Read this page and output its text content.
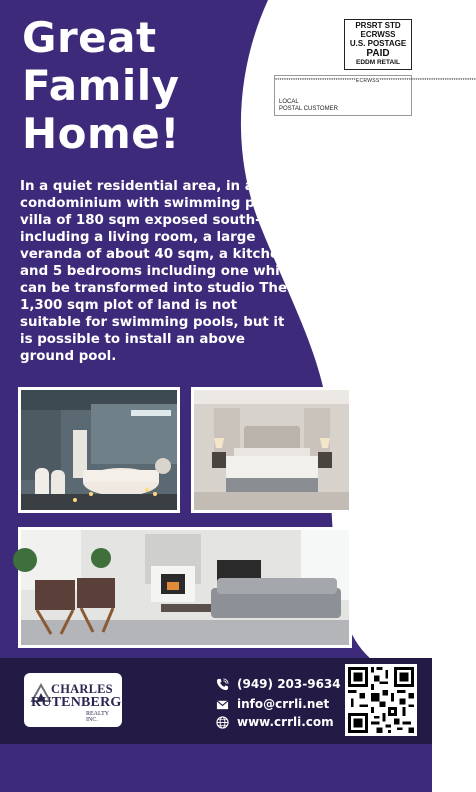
Great
Family
Home!
In a quiet residential area, in a condominium with swimming pool, villa of 180 sqm exposed south-west including a living room, a large veranda of about 40 sqm, a kitchen and 5 bedrooms including one which can be transformed into studio The 1,300 sqm plot of land is not suitable for swimming pools, but it is possible to install an above ground pool.
PRSRT STD
ECRWSS
U.S. POSTAGE
PAID
EDDM RETAIL
************************************ECRWSS*******************************************
LOCAL
POSTAL CUSTOMER
CHARLES
RUTENBERG
REALTY INC.
(949) 203-9634
info@crrli.net
www.crrli.com
